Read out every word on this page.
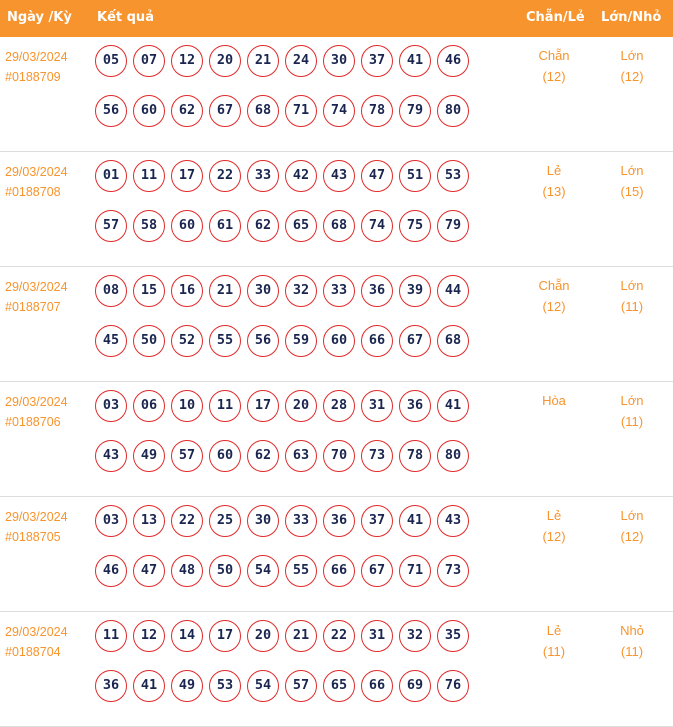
Ngày /Kỳ Kết quả	Chẵn/Lẻ Lớn/Nhỏ
29/03/2024
#0188709
05 07 12 20 21 24 30 37 41 46
56 60 62 67 68 71 74 78 79 80
Chẵn
(12)
Lớn
(12)
29/03/2024
#0188708
01 11 17 22 33 42 43 47 51 53
57 58 60 61 62 65 68 74 75 79
Lẻ
(13)
Lớn
(15)
29/03/2024
#0188707
08 15 16 21 30 32 33 36 39 44
45 50 52 55 56 59 60 66 67 68
Chẵn
(12)
Lớn
(11)
29/03/2024
#0188706
03 06 10 11 17 20 28 31 36 41
43 49 57 60 62 63 70 73 78 80
Hòa	Lớn
(11)
29/03/2024
#0188705
03 13 22 25 30 33 36 37 41 43
46 47 48 50 54 55 66 67 71 73
Lẻ
(12)
Lớn
(12)
29/03/2024
#0188704
11 12 14 17 20 21 22 31 32 35
36 41 49 53 54 57 65 66 69 76
Lẻ
(11)
Nhỏ
(11)
